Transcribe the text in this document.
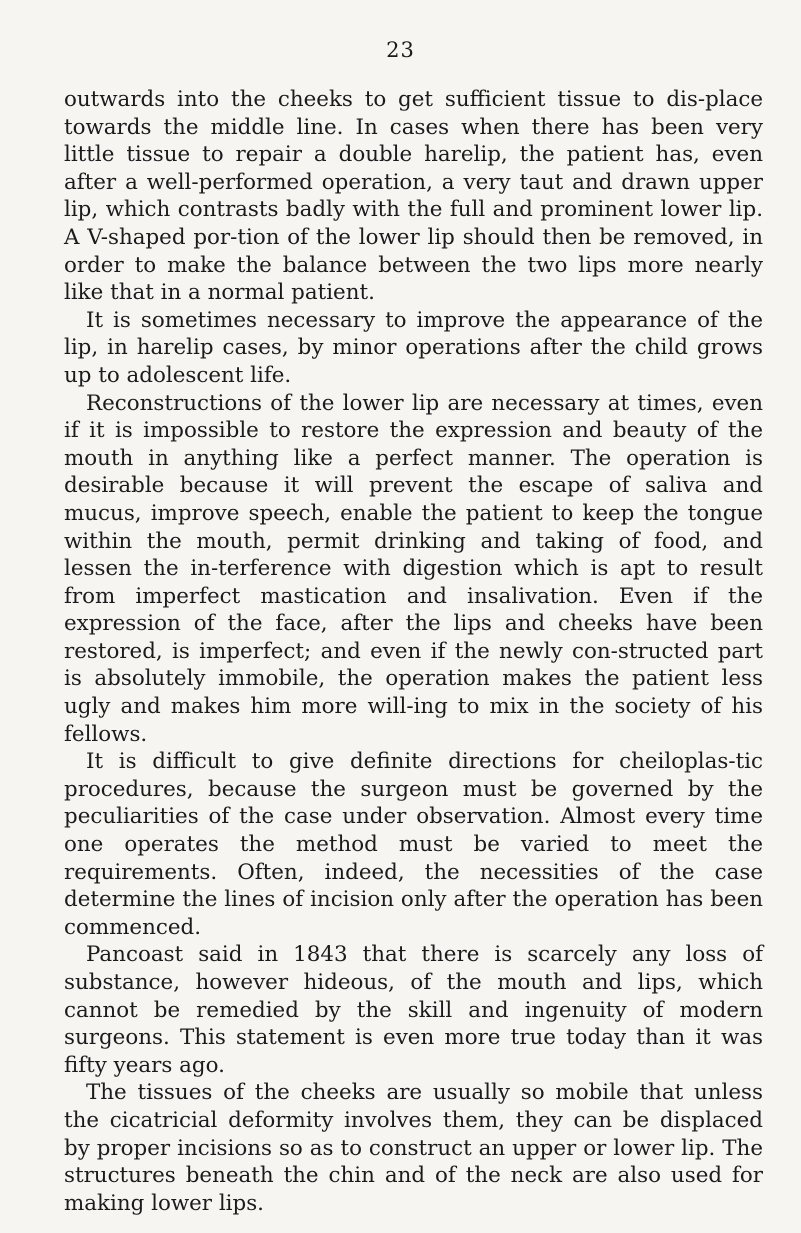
23

outwards into the cheeks to get sufficient tissue to dis-place towards the middle line. In cases when there has been very little tissue to repair a double harelip, the patient has, even after a well-performed operation, a very taut and drawn upper lip, which contrasts badly with the full and prominent lower lip. A V-shaped por-tion of the lower lip should then be removed, in order to make the balance between the two lips more nearly like that in a normal patient.

It is sometimes necessary to improve the appearance of the lip, in harelip cases, by minor operations after the child grows up to adolescent life.

Reconstructions of the lower lip are necessary at times, even if it is impossible to restore the expression and beauty of the mouth in anything like a perfect manner. The operation is desirable because it will prevent the escape of saliva and mucus, improve speech, enable the patient to keep the tongue within the mouth, permit drinking and taking of food, and lessen the in-terference with digestion which is apt to result from imperfect mastication and insalivation. Even if the expression of the face, after the lips and cheeks have been restored, is imperfect; and even if the newly con-structed part is absolutely immobile, the operation makes the patient less ugly and makes him more will-ing to mix in the society of his fellows.

It is difficult to give definite directions for cheiloplas-tic procedures, because the surgeon must be governed by the peculiarities of the case under observation. Almost every time one operates the method must be varied to meet the requirements. Often, indeed, the necessities of the case determine the lines of incision only after the operation has been commenced.

Pancoast said in 1843 that there is scarcely any loss of substance, however hideous, of the mouth and lips, which cannot be remedied by the skill and ingenuity of modern surgeons. This statement is even more true today than it was fifty years ago.

The tissues of the cheeks are usually so mobile that unless the cicatricial deformity involves them, they can be displaced by proper incisions so as to construct an upper or lower lip. The structures beneath the chin and of the neck are also used for making lower lips.
